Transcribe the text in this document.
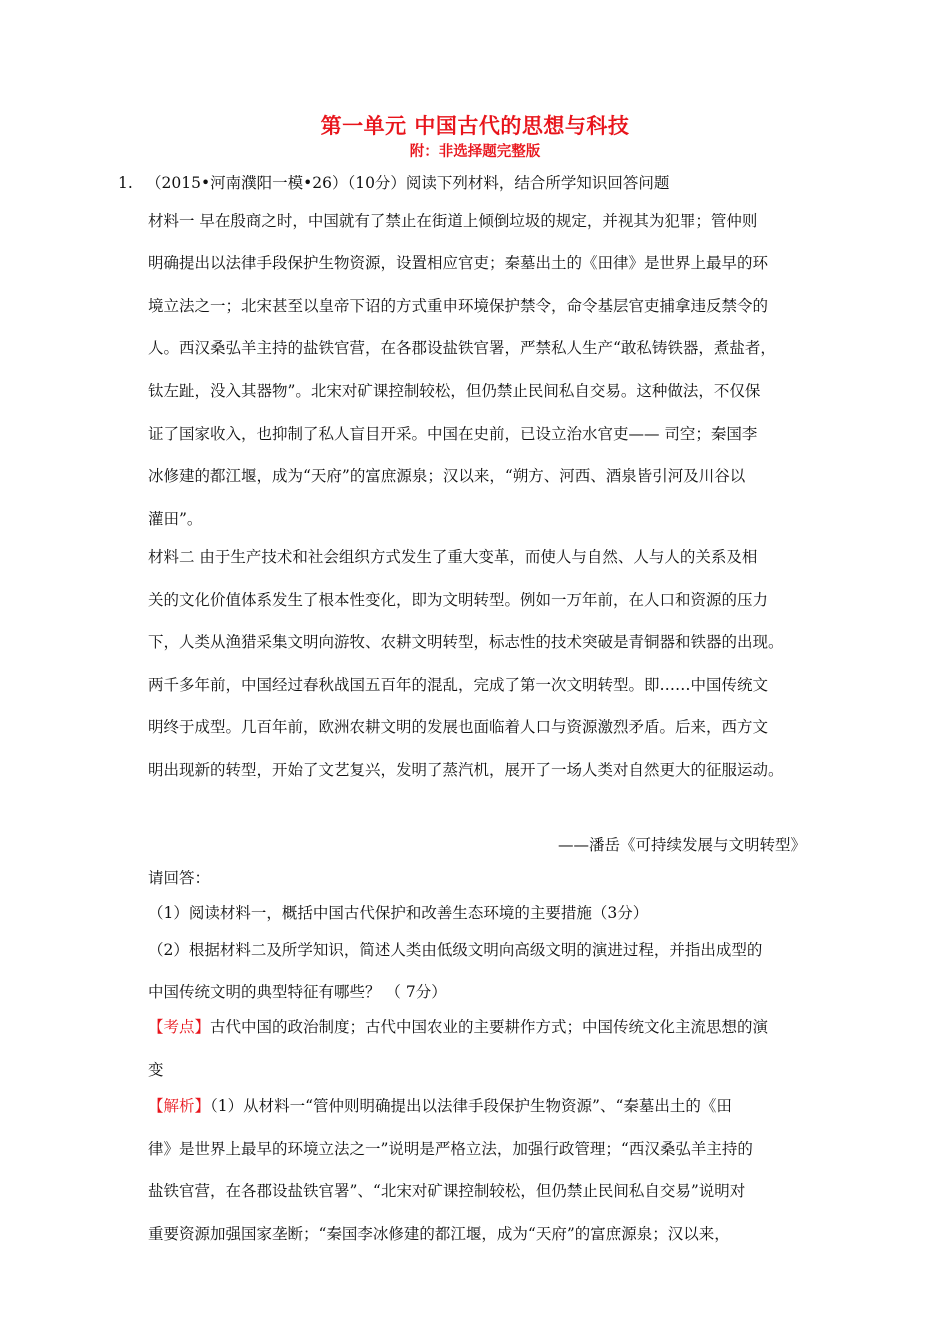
第一单元 中国古代的思想与科技
附：非选择题完整版
1. （2015•河南濮阳一模•26）（10分）阅读下列材料，结合所学知识回答问题
材料一 早在殷商之时，中国就有了禁止在街道上倾倒垃圾的规定，并视其为犯罪；管仲则
明确提出以法律手段保护生物资源，设置相应官吏；秦墓出土的《田律》是世界上最早的环
境立法之一；北宋甚至以皇帝下诏的方式重申环境保护禁令，命令基层官吏捕拿违反禁令的
人。西汉桑弘羊主持的盐铁官营，在各郡设盐铁官署，严禁私人生产“敢私铸铁器，煮盐者，
钛左趾，没入其器物”。北宋对矿课控制较松，但仍禁止民间私自交易。这种做法，不仅保
证了国家收入，也抑制了私人盲目开采。中国在史前，已设立治水官吏—— 司空；秦国李
冰修建的都江堰，成为“天府”的富庶源泉；汉以来，“朔方、河西、酒泉皆引河及川谷以
灌田”。
材料二 由于生产技术和社会组织方式发生了重大变革，而使人与自然、人与人的关系及相
关的文化价值体系发生了根本性变化，即为文明转型。例如一万年前，在人口和资源的压力
下，人类从渔猎采集文明向游牧、农耕文明转型，标志性的技术突破是青铜器和铁器的出现。
两千多年前，中国经过春秋战国五百年的混乱，完成了第一次文明转型。即……中国传统文
明终于成型。几百年前，欧洲农耕文明的发展也面临着人口与资源激烈矛盾。后来，西方文
明出现新的转型，开始了文艺复兴，发明了蒸汽机，展开了一场人类对自然更大的征服运动。
——潘岳《可持续发展与文明转型》
请回答：
（1）阅读材料一，概括中国古代保护和改善生态环境的主要措施（3分）
（2）根据材料二及所学知识，简述人类由低级文明向高级文明的演进过程，并指出成型的
中国传统文明的典型特征有哪些？ （ 7分）
【考点】古代中国的政治制度；古代中国农业的主要耕作方式；中国传统文化主流思想的演
变
【解析】（1）从材料一“管仲则明确提出以法律手段保护生物资源”、“秦墓出土的《田
律》是世界上最早的环境立法之一”说明是严格立法，加强行政管理；“西汉桑弘羊主持的
盐铁官营，在各郡设盐铁官署”、“北宋对矿课控制较松，但仍禁止民间私自交易”说明对
重要资源加强国家垄断；“秦国李冰修建的都江堰，成为“天府”的富庶源泉；汉以来，
